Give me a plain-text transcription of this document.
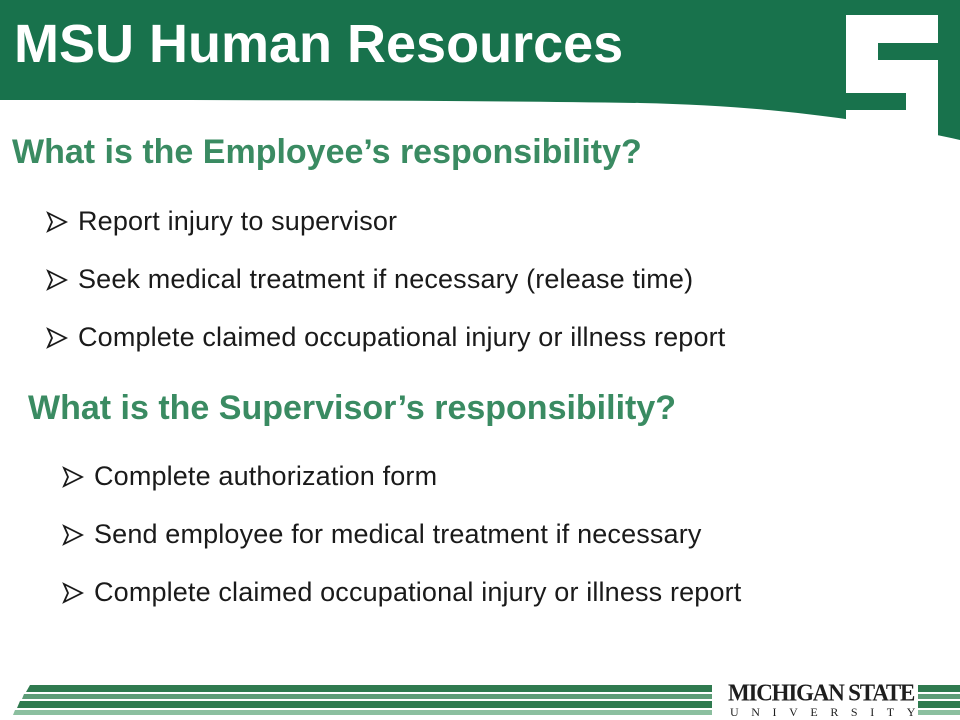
MSU Human Resources
What is the Employee’s responsibility?
Report injury to supervisor
Seek medical treatment if necessary (release time)
Complete claimed occupational injury or illness report
What is the Supervisor’s responsibility?
Complete authorization form
Send employee for medical treatment if necessary
Complete claimed occupational injury or illness report
MICHIGAN STATE
UNIVERSITY
